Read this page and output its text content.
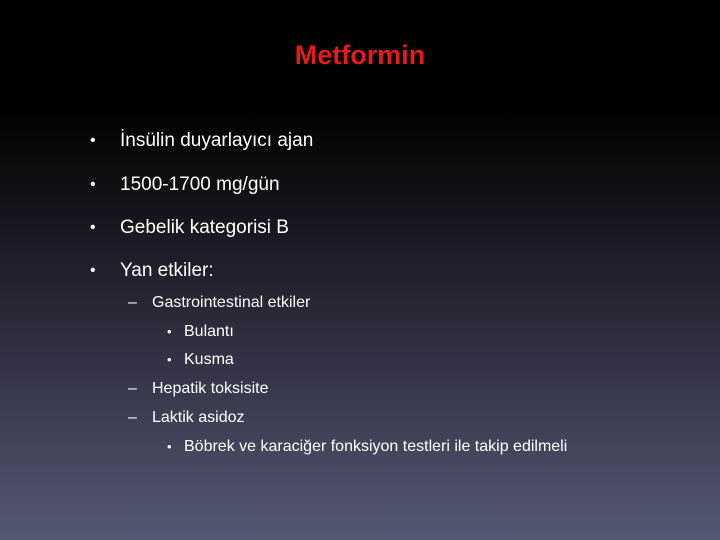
Metformin
• İnsülin duyarlayıcı ajan
• 1500-1700 mg/gün
• Gebelik kategorisi B
• Yan etkiler:
– Gastrointestinal etkiler
• Bulantı
• Kusma
– Hepatik toksisite
– Laktik asidoz
• Böbrek ve karaciğer fonksiyon testleri ile takip edilmeli
